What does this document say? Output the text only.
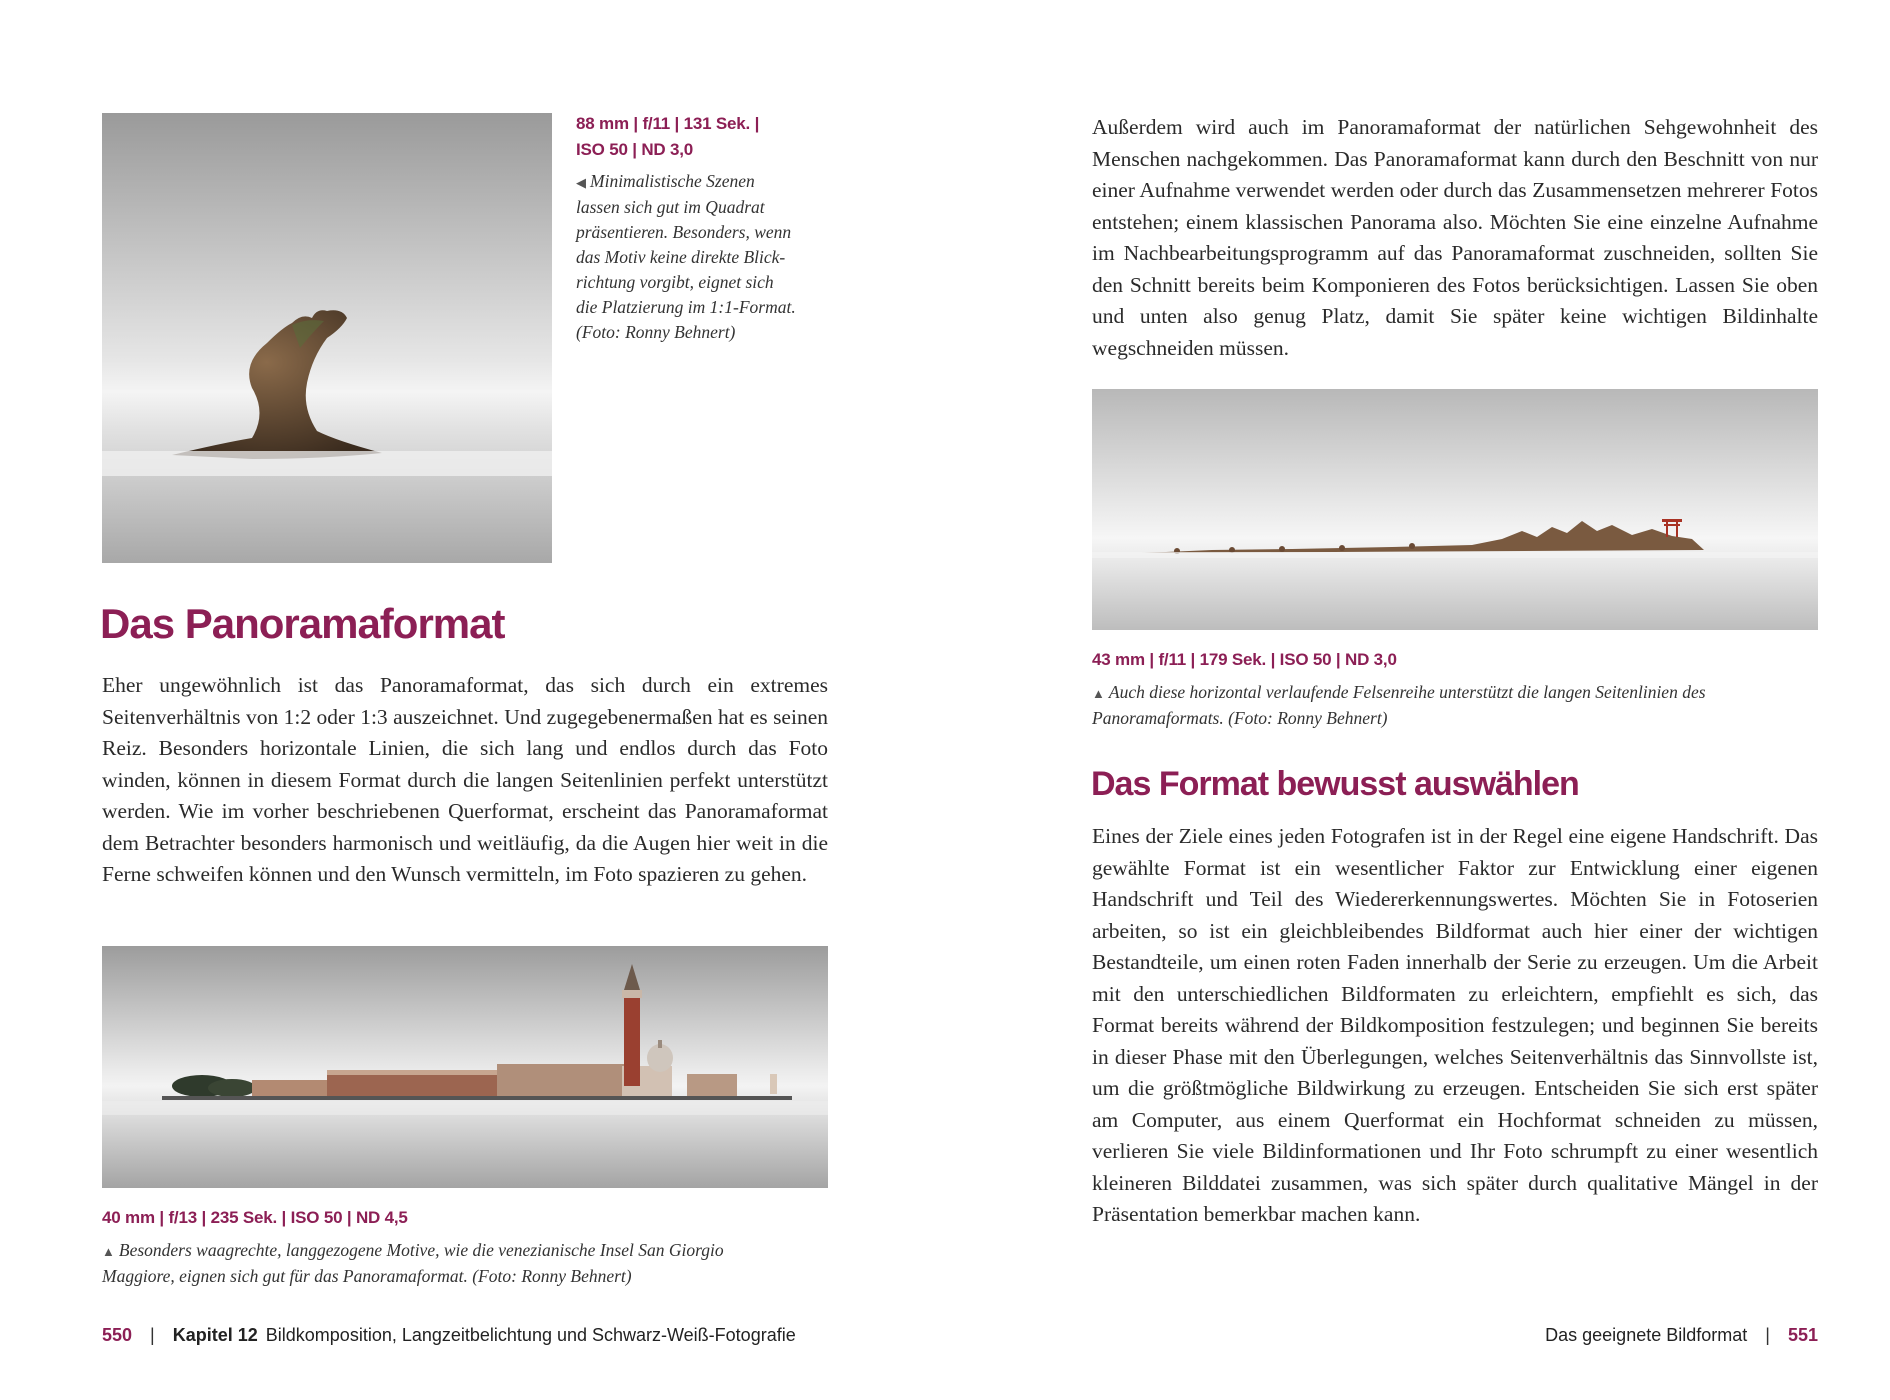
88 mm | f/11 | 131 Sek. |
ISO 50 | ND 3,0
◀ Minimalistische Szenen
lassen sich gut im Quadrat
präsentieren. Besonders, wenn
das Motiv keine direkte Blick-
richtung vorgibt, eignet sich
die Platzierung im 1:1-Format.
(Foto: Ronny Behnert)
Das Panoramaformat
Eher ungewöhnlich ist das Panoramaformat, das sich durch ein extremes Seitenverhältnis von 1:2 oder 1:3 auszeichnet. Und zugegebenermaßen hat es seinen Reiz. Besonders horizontale Linien, die sich lang und endlos durch das Foto winden, können in diesem Format durch die langen Seitenlinien perfekt unterstützt werden. Wie im vorher beschriebenen Querformat, erscheint das Panoramaformat dem Betrachter besonders harmonisch und weitläufig, da die Augen hier weit in die Ferne schweifen können und den Wunsch vermitteln, im Foto spazieren zu gehen.
40 mm | f/13 | 235 Sek. | ISO 50 | ND 4,5
▲ Besonders waagrechte, langgezogene Motive, wie die venezianische Insel San Giorgio
Maggiore, eignen sich gut für das Panoramaformat. (Foto: Ronny Behnert)
550 | Kapitel 12 Bildkomposition, Langzeitbelichtung und Schwarz-Weiß-Fotografie
Außerdem wird auch im Panoramaformat der natürlichen Sehgewohnheit des Menschen nachgekommen. Das Panoramaformat kann durch den Beschnitt von nur einer Aufnahme verwendet werden oder durch das Zusammensetzen mehrerer Fotos entstehen; einem klassischen Panorama also. Möchten Sie eine einzelne Aufnahme im Nachbearbeitungsprogramm auf das Panoramaformat zuschneiden, sollten Sie den Schnitt bereits beim Komponieren des Fotos berücksichtigen. Lassen Sie oben und unten also genug Platz, damit Sie später keine wichtigen Bildinhalte wegschneiden müssen.
43 mm | f/11 | 179 Sek. | ISO 50 | ND 3,0
▲ Auch diese horizontal verlaufende Felsenreihe unterstützt die langen Seitenlinien des
Panoramaformats. (Foto: Ronny Behnert)
Das Format bewusst auswählen
Eines der Ziele eines jeden Fotografen ist in der Regel eine eigene Handschrift. Das gewählte Format ist ein wesentlicher Faktor zur Entwicklung einer eigenen Handschrift und Teil des Wiedererkennungswertes. Möchten Sie in Fotoserien arbeiten, so ist ein gleichbleibendes Bildformat auch hier einer der wichtigen Bestandteile, um einen roten Faden innerhalb der Serie zu erzeugen. Um die Arbeit mit den unterschiedlichen Bildformaten zu erleichtern, empfiehlt es sich, das Format bereits während der Bildkomposition festzulegen; und beginnen Sie bereits in dieser Phase mit den Überlegungen, welches Seitenverhältnis das Sinnvollste ist, um die größtmögliche Bildwirkung zu erzeugen. Entscheiden Sie sich erst später am Computer, aus einem Querformat ein Hochformat schneiden zu müssen, verlieren Sie viele Bildinformationen und Ihr Foto schrumpft zu einer wesentlich kleineren Bilddatei zusammen, was sich später durch qualitative Mängel in der Präsentation bemerkbar machen kann.
Das geeignete Bildformat | 551
